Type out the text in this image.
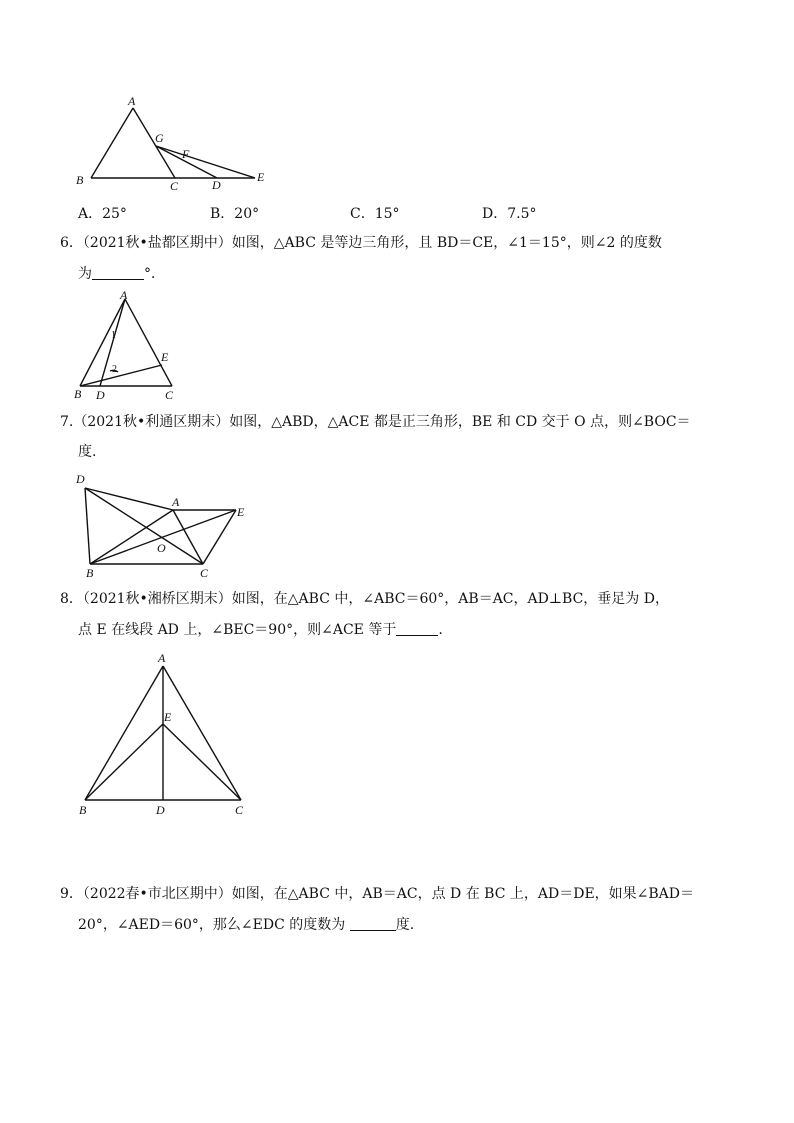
A
G
F
B	C	D
E
A．25°	B．20°	C．15°	D．7.5°
6．（2021秋•盐都区期中）如图，△ABC 是等边三角形，且 BD＝CE，∠1＝15°，则∠2 的度数
为	°．
A
1
E
2
B D	C
7.（2021秋•利通区期末）如图，△ABD，△ACE 都是正三角形，BE 和 CD 交于 O 点，则∠BOC＝
度.
D
A
E
O
B	C
8．（2021秋•湘桥区期末）如图，在△ABC 中，∠ABC＝60°，AB＝AC，AD⊥BC，垂足为 D，
点 E 在线段 AD 上，∠BEC＝90°，则∠ACE 等于	.
A
E
B	D	C
9．（2022春•市北区期中）如图，在△ABC 中，AB＝AC，点 D 在 BC 上，AD＝DE，如果∠BAD＝
20°，∠AED＝60°，那么∠EDC 的度数为	度.
